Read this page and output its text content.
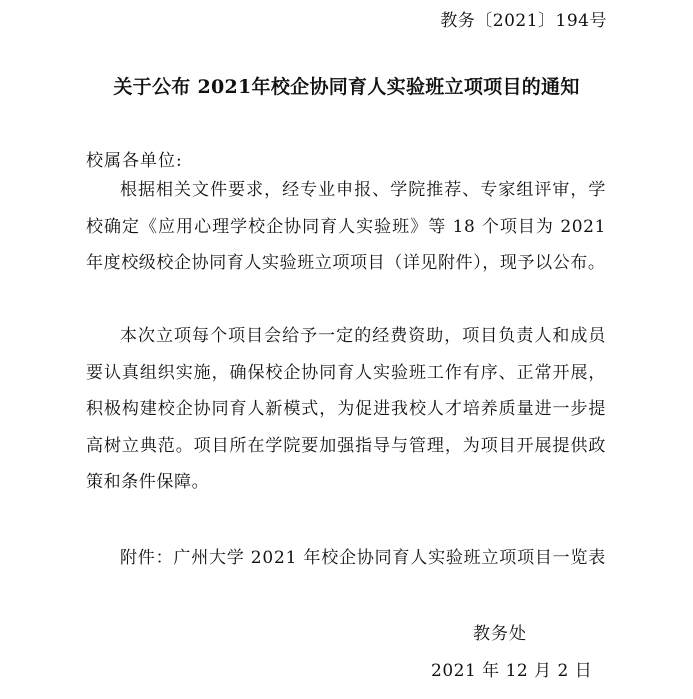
教务〔2021〕194号
关于公布 2021年校企协同育人实验班立项项目的通知
校属各单位:

根据相关文件要求，经专业申报、学院推荐、专家组评审，学校确定《应用心理学校企协同育人实验班》等 18 个项目为 2021 年度校级校企协同育人实验班立项项目（详见附件），现予以公布。

本次立项每个项目会给予一定的经费资助，项目负责人和成员要认真组织实施，确保校企协同育人实验班工作有序、正常开展，积极构建校企协同育人新模式，为促进我校人才培养质量进一步提高树立典范。项目所在学院要加强指导与管理，为项目开展提供政策和条件保障。

附件：广州大学 2021 年校企协同育人实验班立项项目一览表
教务处
2021 年 12 月 2 日
